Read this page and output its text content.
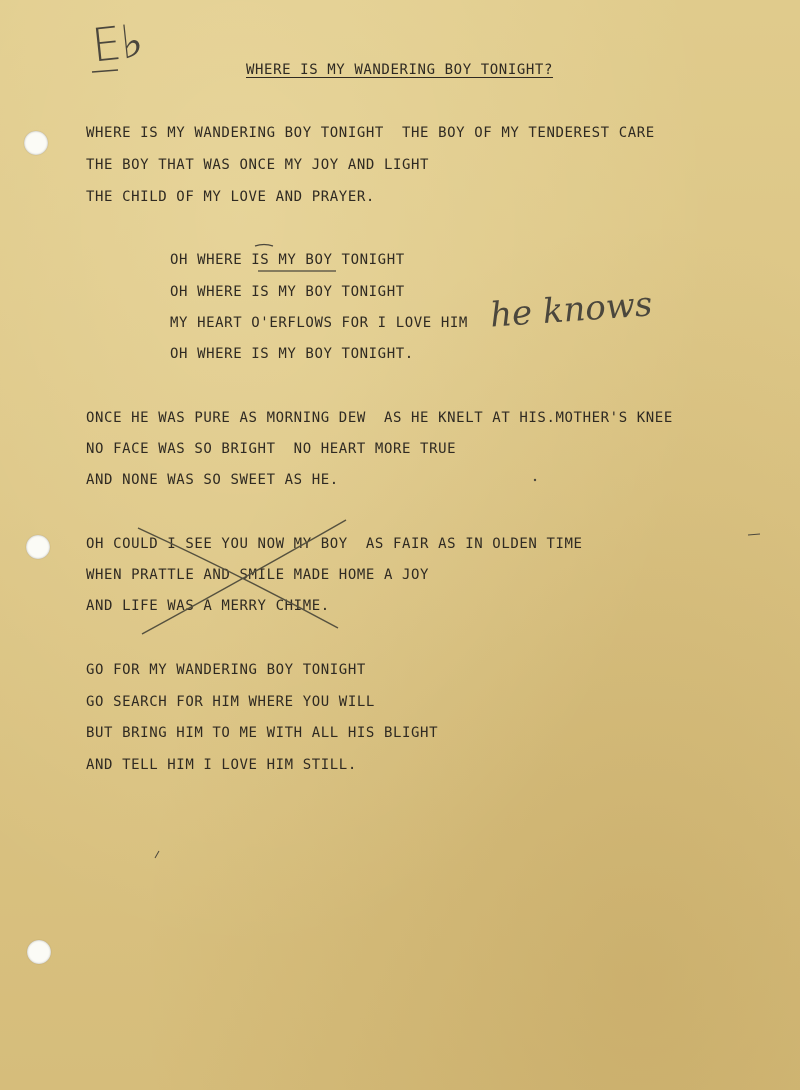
E♭	WHERE IS MY WANDERING BOY TONIGHT?
WHERE IS MY WANDERING BOY TONIGHT  THE BOY OF MY TENDEREST CARE
THE BOY THAT WAS ONCE MY JOY AND LIGHT
THE CHILD OF MY LOVE AND PRAYER.
OH WHERE IS MY BOY TONIGHT
OH WHERE IS MY BOY TONIGHT
MY HEART O'ERFLOWS FOR I LOVE HIM
OH WHERE IS MY BOY TONIGHT.
he knows
ONCE HE WAS PURE AS MORNING DEW  AS HE KNELT AT HIS.MOTHER'S KNEE
NO FACE WAS SO BRIGHT  NO HEART MORE TRUE
AND NONE WAS SO SWEET AS HE.
OH COULD I SEE YOU NOW MY BOY  AS FAIR AS IN OLDEN TIME
WHEN PRATTLE AND SMILE MADE HOME A JOY
AND LIFE WAS A MERRY CHIME.
GO FOR MY WANDERING BOY TONIGHT
GO SEARCH FOR HIM WHERE YOU WILL
BUT BRING HIM TO ME WITH ALL HIS BLIGHT
AND TELL HIM I LOVE HIM STILL.
